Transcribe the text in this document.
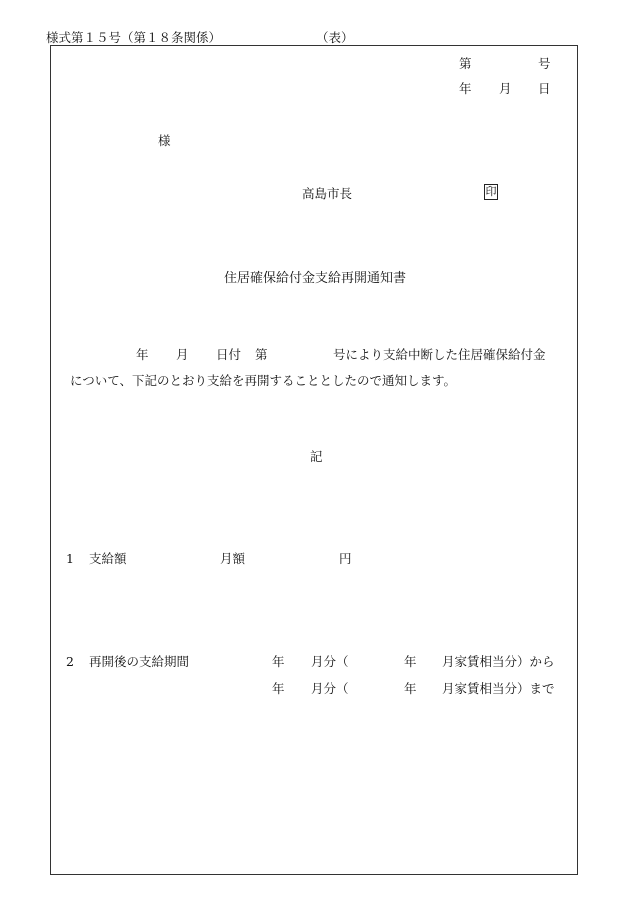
様式第１５号（第１８条関係）	（表）
第	号
年 月 日
様
高島市長	印
住居確保給付金支給再開通知書
年 月 日付 第	号により支給中断した住居確保給付金
について、下記のとおり支給を再開することとしたので通知します。
記
1 支給額	月額	円
2 再開後の支給期間	年 月分（	年 月家賃相当分）から
年 月分（	年 月家賃相当分）まで
